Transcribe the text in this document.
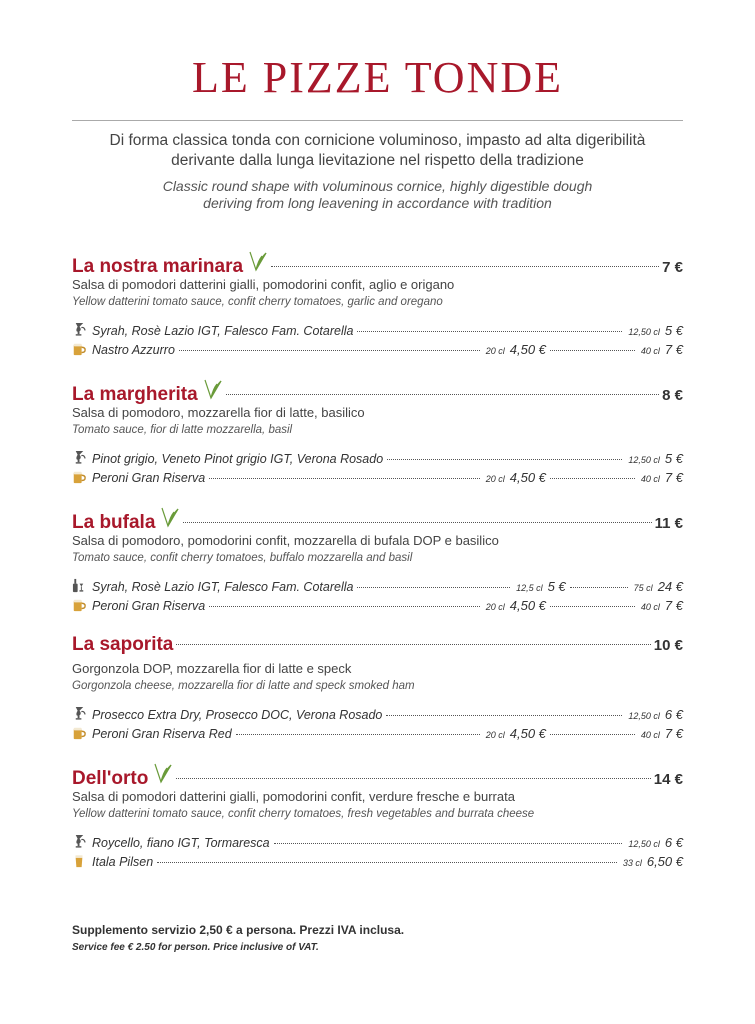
LE PIZZE TONDE
Di forma classica tonda con cornicione voluminoso, impasto ad alta digeribilità
derivante dalla lunga lievitazione nel rispetto della tradizione
Classic round shape with voluminous cornice, highly digestible dough
deriving from long leavening in accordance with tradition
La nostra marinara	7 €
Salsa di pomodori datterini gialli, pomodorini confit, aglio e origano
Yellow datterini tomato sauce, confit cherry tomatoes, garlic and oregano
Syrah, Rosè Lazio IGT, Falesco Fam. Cotarella	12,50 cl 5 €
Nastro Azzurro	20 cl 4,50 €	40 cl 7 €
La margherita	8 €
Salsa di pomodoro, mozzarella fior di latte, basilico
Tomato sauce, fior di latte mozzarella, basil
Pinot grigio, Veneto Pinot grigio IGT, Verona Rosado	12,50 cl 5 €
Peroni Gran Riserva	20 cl 4,50 €	40 cl 7 €
La bufala	11 €
Salsa di pomodoro, pomodorini confit, mozzarella di bufala DOP e basilico
Tomato sauce, confit cherry tomatoes, buffalo mozzarella and basil
Syrah, Rosè Lazio IGT, Falesco Fam. Cotarella	12,5 cl 5 €	75 cl 24 €
Peroni Gran Riserva	20 cl 4,50 €	40 cl 7 €
La saporita	10 €
Gorgonzola DOP, mozzarella fior di latte e speck
Gorgonzola cheese, mozzarella fior di latte and speck smoked ham
Prosecco Extra Dry, Prosecco DOC, Verona Rosado	12,50 cl 6 €
Peroni Gran Riserva Red	20 cl 4,50 €	40 cl 7 €
Dell'orto	14 €
Salsa di pomodori datterini gialli, pomodorini confit, verdure fresche e burrata
Yellow datterini tomato sauce, confit cherry tomatoes, fresh vegetables and burrata cheese
Roycello, fiano IGT, Tormaresca	12,50 cl 6 €
Itala Pilsen	33 cl 6,50 €
Supplemento servizio 2,50 € a persona. Prezzi IVA inclusa.
Service fee € 2.50 for person. Price inclusive of VAT.
